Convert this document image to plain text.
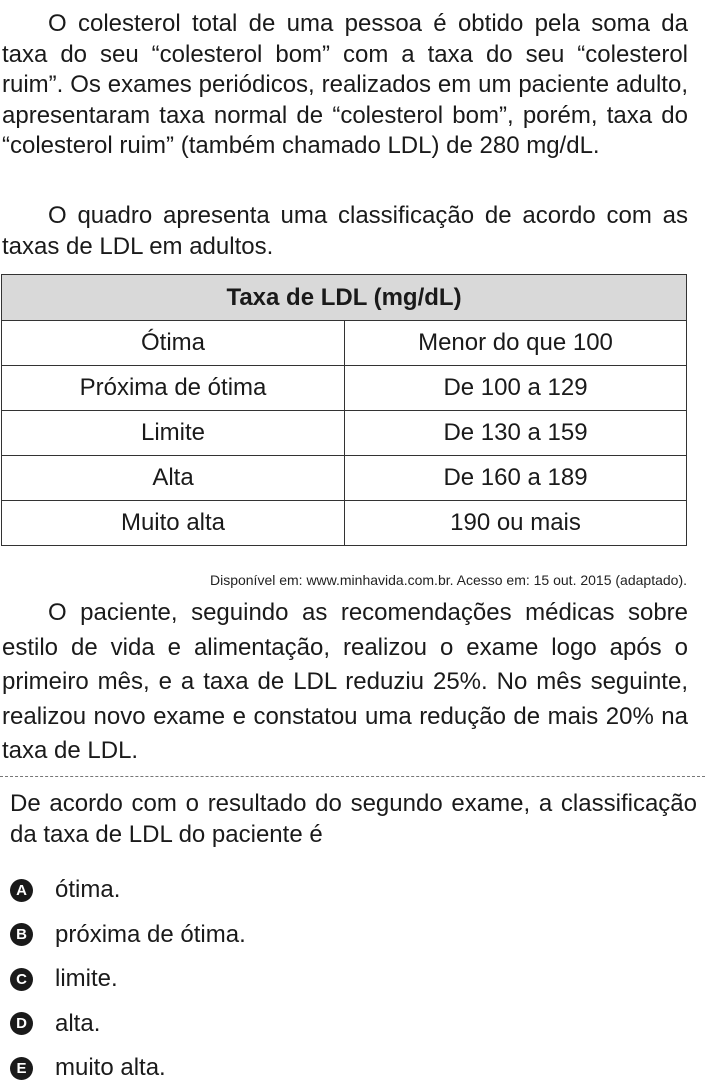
O colesterol total de uma pessoa é obtido pela soma da taxa do seu “colesterol bom” com a taxa do seu “colesterol ruim”. Os exames periódicos, realizados em um paciente adulto, apresentaram taxa normal de “colesterol bom”, porém, taxa do “colesterol ruim” (também chamado LDL) de 280 mg/dL.

O quadro apresenta uma classificação de acordo com as taxas de LDL em adultos.

Taxa de LDL (mg/dL)	
Ótima	Menor do que 100
Próxima de ótima	De 100 a 129
Limite	De 130 a 159
Alta	De 160 a 189
Muito alta	190 ou mais
Disponível em: www.minhavida.com.br. Acesso em: 15 out. 2015 (adaptado).

O paciente, seguindo as recomendações médicas sobre estilo de vida e alimentação, realizou o exame logo após o primeiro mês, e a taxa de LDL reduziu 25%. No mês seguinte, realizou novo exame e constatou uma redução de mais 20% na taxa de LDL.

De acordo com o resultado do segundo exame, a classificação da taxa de LDL do paciente é

A ótima.
B próxima de ótima.
C limite.
D alta.
E muito alta.
